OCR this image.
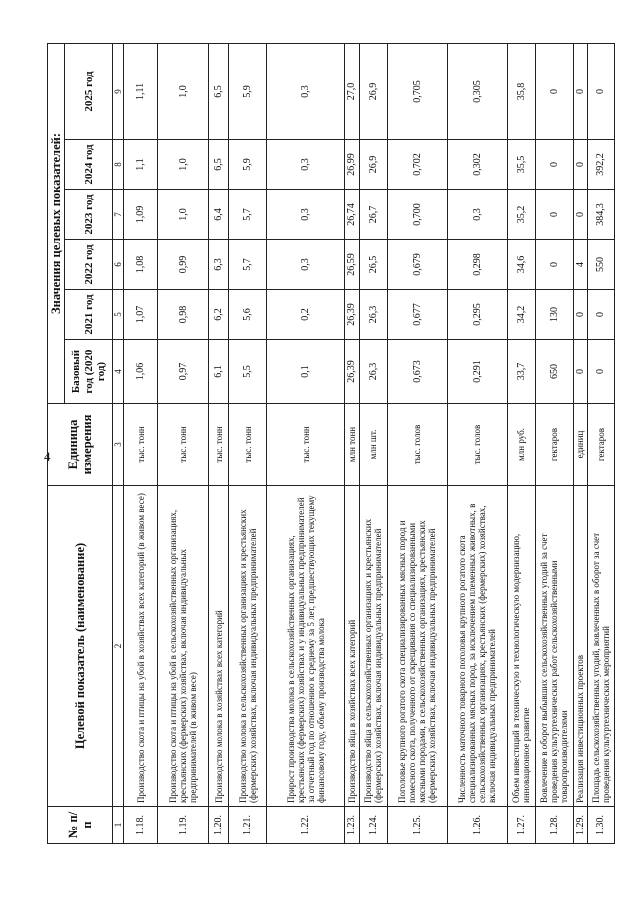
4
№ п/п	Целевой показатель (наименование)	Единица измерения	Значения целевых показателей:					
			Базовый год (2020 год)	2021 год	2022 год	2023 год	2024 год	2025 год
1	2	3	4	5	6	7	8	9
1.18.	Производство скота и птицы на убой в хозяйствах всех категорий (в живом весе)	тыс. тонн	1,06	1,07	1,08	1,09	1,1	1,11
1.19.	Производство скота и птицы на убой в сельскохозяйственных организациях, крестьянских (фермерских) хозяйствах, включая индивидуальных предпринимателей (в живом весе)	тыс. тонн	0,97	0,98	0,99	1,0	1,0	1,0
1.20.	Производство молока в хозяйствах всех категорий	тыс. тонн	6,1	6,2	6,3	6,4	6,5	6,5
1.21.	Производство молока в сельскохозяйственных организациях и крестьянских (фермерских) хозяйствах, включая индивидуальных предпринимателей	тыс. тонн	5,5	5,6	5,7	5,7	5,9	5,9
1.22.	Прирост производства молока в сельскохозяйственных организациях, крестьянских (фермерских) хозяйствах и у индивидуальных предпринимателей за отчетный год по отношению к среднему за 5 лет, предшествующих текущему финансовому году, объему производства молока	тыс. тонн	0,1	0,2	0,3	0,3	0,3	0,3
1.23.	Производство яйца в хозяйствах всех категорий	млн тонн	26,39	26,39	26,59	26,74	26,99	27,0
1.24.	Производство яйца в сельскохозяйственных организациях и крестьянских (фермерских) хозяйствах, включая индивидуальных предпринимателей	млн шт.	26,3	26,3	26,5	26,7	26,9	26,9
1.25.	Поголовье крупного рогатого скота специализированных мясных пород и помесного скота, полученного от скрещивания со специализированными мясными породами, в сельскохозяйственных организациях, крестьянских (фермерских) хозяйствах, включая индивидуальных предпринимателей	тыс. голов	0,673	0,677	0,679	0,700	0,702	0,705
1.26.	Численность маточного товарного поголовья крупного рогатого скота специализированных мясных пород, за исключением племенных животных, в сельскохозяйственных организациях, крестьянских (фермерских) хозяйствах, включая индивидуальных предпринимателей	тыс. голов	0,291	0,295	0,298	0,3	0,302	0,305
1.27.	Объем инвестиций в техническую и технологическую модернизацию, инновационное развитие	млн руб.	33,7	34,2	34,6	35,2	35,5	35,8
1.28.	Вовлечение в оборот выбывших сельскохозяйственных угодий за счет проведения культуртехнических работ сельскохозяйственными товаропроизводителями	гектаров	650	130	0	0	0	0
1.29.	Реализация инвестиционных проектов	единиц	0	0	4	0	0	0
1.30.	Площадь сельскохозяйственных угодий, вовлеченных в оборот за счет проведения культуртехнических мероприятий	гектаров	0	0	550	384,3	392,2	0
